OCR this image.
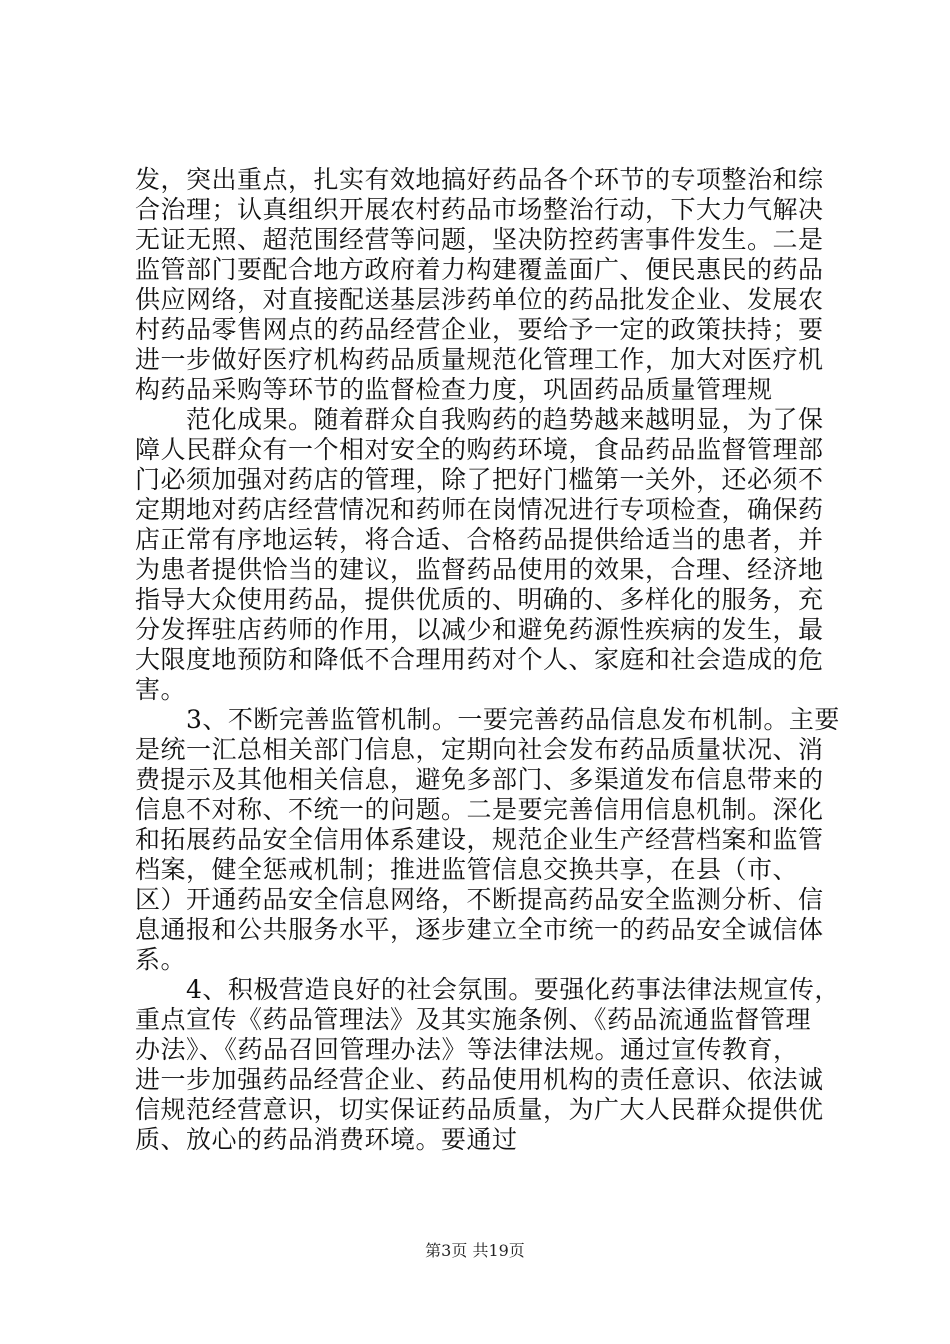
发，突出重点，扎实有效地搞好药品各个环节的专项整治和综
合治理；认真组织开展农村药品市场整治行动，下大力气解决
无证无照、超范围经营等问题，坚决防控药害事件发生。二是
监管部门要配合地方政府着力构建覆盖面广、便民惠民的药品
供应网络，对直接配送基层涉药单位的药品批发企业、发展农
村药品零售网点的药品经营企业，要给予一定的政策扶持；要
进一步做好医疗机构药品质量规范化管理工作，加大对医疗机
构药品采购等环节的监督检查力度，巩固药品质量管理规
　　范化成果。随着群众自我购药的趋势越来越明显，为了保
障人民群众有一个相对安全的购药环境，食品药品监督管理部
门必须加强对药店的管理，除了把好门槛第一关外，还必须不
定期地对药店经营情况和药师在岗情况进行专项检查，确保药
店正常有序地运转，将合适、合格药品提供给适当的患者，并
为患者提供恰当的建议，监督药品使用的效果，合理、经济地
指导大众使用药品，提供优质的、明确的、多样化的服务，充
分发挥驻店药师的作用，以减少和避免药源性疾病的发生，最
大限度地预防和降低不合理用药对个人、家庭和社会造成的危
害。
　　3、不断完善监管机制。一要完善药品信息发布机制。主要
是统一汇总相关部门信息，定期向社会发布药品质量状况、消
费提示及其他相关信息，避免多部门、多渠道发布信息带来的
信息不对称、不统一的问题。二是要完善信用信息机制。深化
和拓展药品安全信用体系建设，规范企业生产经营档案和监管
档案，健全惩戒机制；推进监管信息交换共享，在县（市、
区）开通药品安全信息网络，不断提高药品安全监测分析、信
息通报和公共服务水平，逐步建立全市统一的药品安全诚信体
系。
　　4、积极营造良好的社会氛围。要强化药事法律法规宣传，
重点宣传《药品管理法》及其实施条例、《药品流通监督管理
办法》、《药品召回管理办法》等法律法规。通过宣传教育，
进一步加强药品经营企业、药品使用机构的责任意识、依法诚
信规范经营意识，切实保证药品质量，为广大人民群众提供优
质、放心的药品消费环境。要通过
第3页 共19页
